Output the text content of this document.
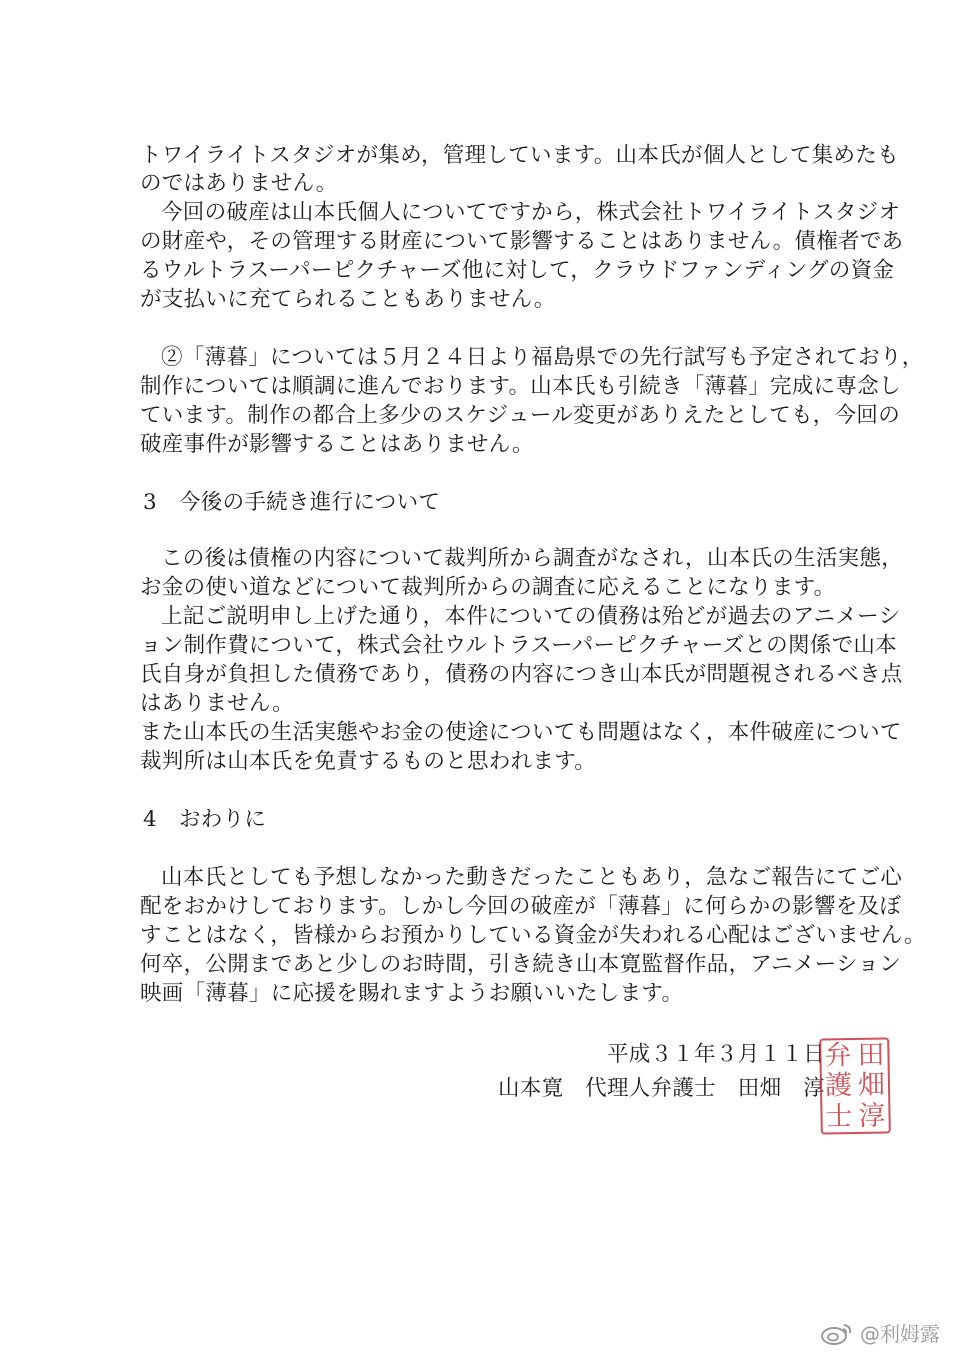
トワイライトスタジオが集め，管理しています。山本氏が個人として集めたも
のではありません。
今回の破産は山本氏個人についてですから，株式会社トワイライトスタジオ
の財産や，その管理する財産について影響することはありません。債権者であ
るウルトラスーパーピクチャーズ他に対して，クラウドファンディングの資金
が支払いに充てられることもありません。
②「薄暮」については５月２４日より福島県での先行試写も予定されており，
制作については順調に進んでおります。山本氏も引続き「薄暮」完成に専念し
ています。制作の都合上多少のスケジュール変更がありえたとしても，今回の
破産事件が影響することはありません。
3 今後の手続き進行について
この後は債権の内容について裁判所から調査がなされ，山本氏の生活実態，
お金の使い道などについて裁判所からの調査に応えることになります。
上記ご説明申し上げた通り，本件についての債務は殆どが過去のアニメーシ
ョン制作費について，株式会社ウルトラスーパーピクチャーズとの関係で山本
氏自身が負担した債務であり，債務の内容につき山本氏が問題視されるべき点
はありません。
また山本氏の生活実態やお金の使途についても問題はなく，本件破産について
裁判所は山本氏を免責するものと思われます。
4 おわりに
山本氏としても予想しなかった動きだったこともあり，急なご報告にてご心
配をおかけしております。しかし今回の破産が「薄暮」に何らかの影響を及ぼ
すことはなく，皆様からお預かりしている資金が失われる心配はございません。
何卒，公開まであと少しのお時間，引き続き山本寛監督作品，アニメーション
映画「薄暮」に応援を賜れますようお願いいたします。
平成３１年３月１１日
山本寛　代理人弁護士　田畑　淳
弁 田
護 畑
士 淳
@利姆露
